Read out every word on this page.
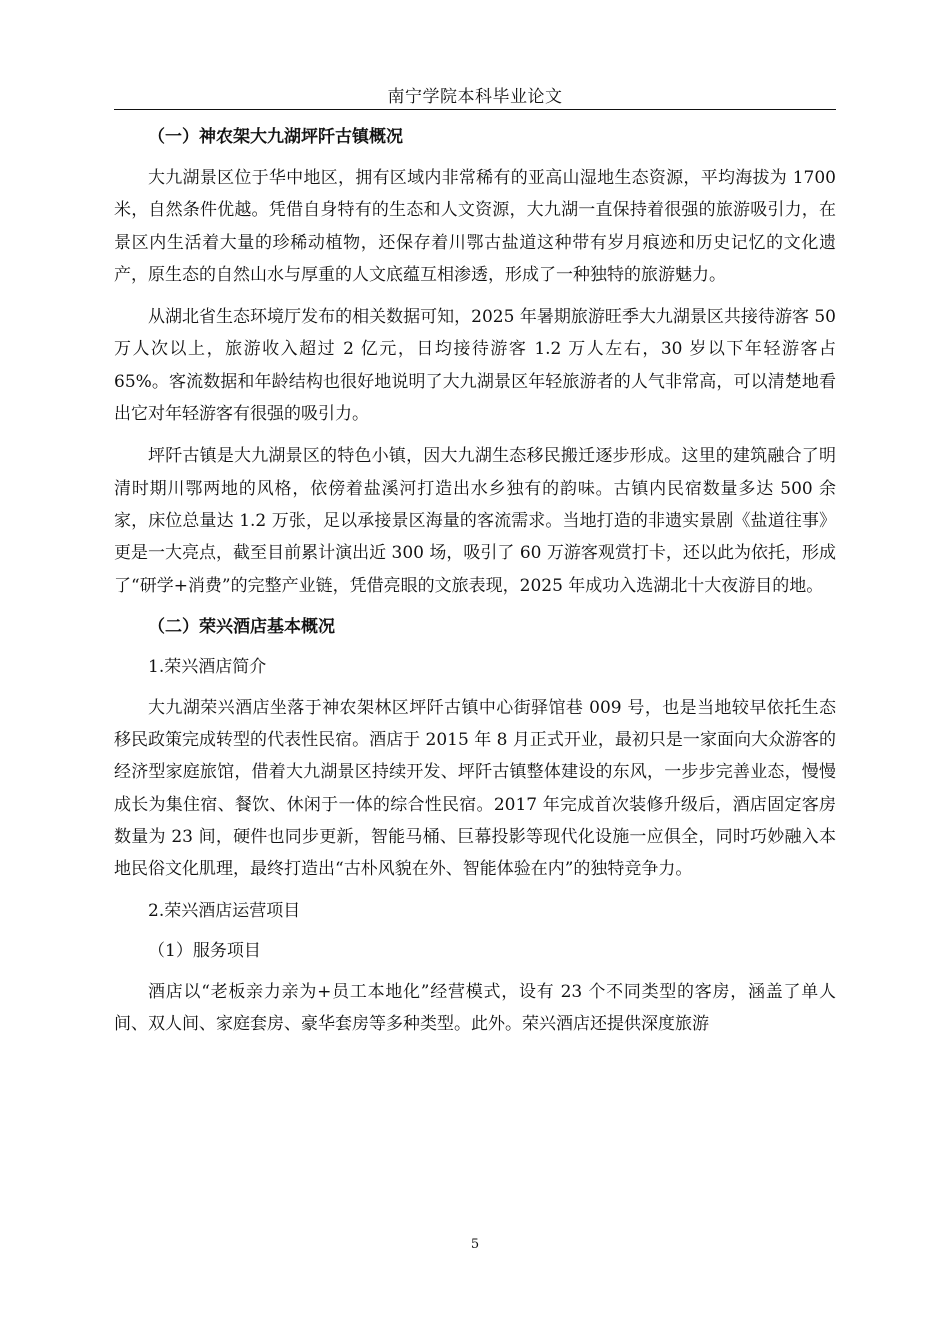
南宁学院本科毕业论文
（一）神农架大九湖坪阡古镇概况
大九湖景区位于华中地区，拥有区域内非常稀有的亚高山湿地生态资源，平均海拔为 1700 米，自然条件优越。凭借自身特有的生态和人文资源，大九湖一直保持着很强的旅游吸引力，在景区内生活着大量的珍稀动植物，还保存着川鄂古盐道这种带有岁月痕迹和历史记忆的文化遗产，原生态的自然山水与厚重的人文底蕴互相渗透，形成了一种独特的旅游魅力。
从湖北省生态环境厅发布的相关数据可知，2025 年暑期旅游旺季大九湖景区共接待游客 50 万人次以上，旅游收入超过 2 亿元，日均接待游客 1.2 万人左右，30 岁以下年轻游客占 65%。客流数据和年龄结构也很好地说明了大九湖景区年轻旅游者的人气非常高，可以清楚地看出它对年轻游客有很强的吸引力。
坪阡古镇是大九湖景区的特色小镇，因大九湖生态移民搬迁逐步形成。这里的建筑融合了明清时期川鄂两地的风格，依傍着盐溪河打造出水乡独有的韵味。古镇内民宿数量多达 500 余家，床位总量达 1.2 万张，足以承接景区海量的客流需求。当地打造的非遗实景剧《盐道往事》更是一大亮点，截至目前累计演出近 300 场，吸引了 60 万游客观赏打卡，还以此为依托，形成了“研学+消费”的完整产业链，凭借亮眼的文旅表现，2025 年成功入选湖北十大夜游目的地。
（二）荣兴酒店基本概况
1.荣兴酒店简介
大九湖荣兴酒店坐落于神农架林区坪阡古镇中心街驿馆巷 009 号，也是当地较早依托生态移民政策完成转型的代表性民宿。酒店于 2015 年 8 月正式开业，最初只是一家面向大众游客的经济型家庭旅馆，借着大九湖景区持续开发、坪阡古镇整体建设的东风，一步步完善业态，慢慢成长为集住宿、餐饮、休闲于一体的综合性民宿。2017 年完成首次装修升级后，酒店固定客房数量为 23 间，硬件也同步更新，智能马桶、巨幕投影等现代化设施一应俱全，同时巧妙融入本地民俗文化肌理，最终打造出“古朴风貌在外、智能体验在内”的独特竞争力。
2.荣兴酒店运营项目
（1）服务项目
酒店以“老板亲力亲为+员工本地化”经营模式，设有 23 个不同类型的客房，涵盖了单人间、双人间、家庭套房、豪华套房等多种类型。此外。荣兴酒店还提供深度旅游
5
